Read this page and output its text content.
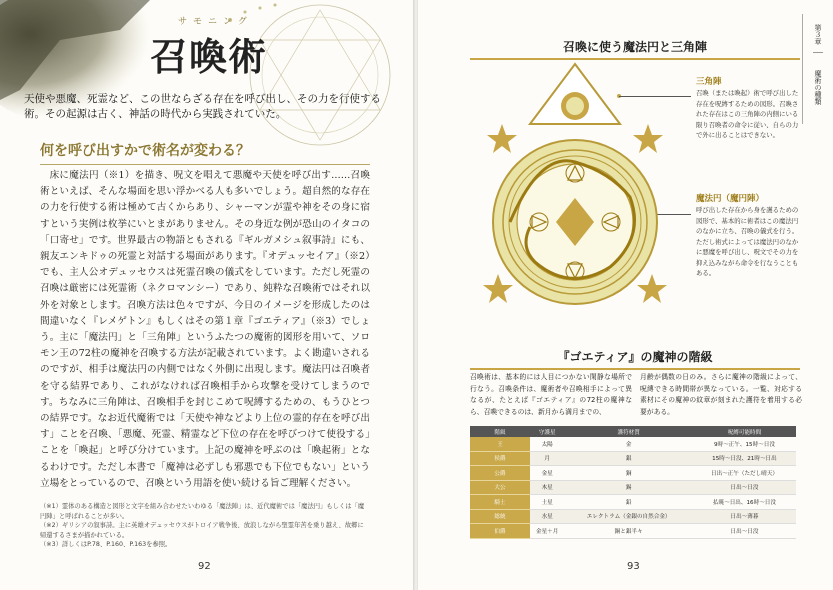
サモニング
召喚術
天使や悪魔、死霊など、この世ならざる存在を呼び出し、その力を行使する術。その起源は古く、神話の時代から実践されていた。
何を呼び出すかで術名が変わる？
床に魔法円（※1）を描き、呪文を唱えて悪魔や天使を呼び出す……召喚術といえば、そんな場面を思い浮かべる人も多いでしょう。超自然的な存在の力を行使する術は極めて古くからあり、シャーマンが霊や神をその身に宿すという実例は枚挙にいとまがありません。その身近な例が恐山のイタコの「口寄せ」です。世界最古の物語ともされる『ギルガメシュ叙事詩』にも、親友エンキドゥの死霊と対話する場面があります。『オデュッセイア』（※2）でも、主人公オデュッセウスは死霊召喚の儀式をしています。ただし死霊の召喚は厳密には死霊術（ネクロマンシー）であり、純粋な召喚術ではそれ以外を対象とします。召喚方法は色々ですが、今日のイメージを形成したのは間違いなく『レメゲトン』もしくはその第１章『ゴエティア』（※3）でしょう。主に「魔法円」と「三角陣」というふたつの魔術的図形を用いて、ソロモン王の72柱の魔神を召喚する方法が記載されています。よく勘違いされるのですが、相手は魔法円の内側ではなく外側に出現します。魔法円は召喚者を守る結界であり、これがなければ召喚相手から攻撃を受けてしまうのです。ちなみに三角陣は、召喚相手を封じこめて呪縛するための、もうひとつの結界です。なお近代魔術では「天使や神などより上位の霊的存在を呼び出す」ことを召喚、「悪魔、死霊、精霊など下位の存在を呼びつけて使役する」ことを「喚起」と呼び分けています。上記の魔神を呼ぶのは「喚起術」となるわけです。ただし本書で「魔神は必ずしも邪悪でも下位でもない」という立場をとっているので、召喚という用語を使い続ける旨ご理解ください。
（※1）霊体のある構造と図形と文字を組み合わせたいわゆる「魔法陣」は、近代魔術では「魔法円」もしくは「魔円陣」と呼ばれることが多い。
（※2）ギリシアの叙事詩。主に英雄オデュッセウスがトロイア戦争後、放浪しながら聖霊年苦を乗り越え、故郷に帰還するさまが描かれている。
（※3）詳しくはP.78、P.160、P.163を参照。
92
第３章
魔術の種類
召喚に使う魔法円と三角陣
『ゴエティア』の魔神の階級
三角陣
召喚（または喚起）術で呼び出した存在を呪縛するための図形。召喚された存在はこの三角陣の内側にいる限り召喚者の命令に従い、自らの力で外に出ることはできない。
魔法円（魔円陣）
呼び出した存在から身を護るための図形で、基本的に術者はこの魔法円のなかに立ち、召喚の儀式を行う。ただし術式によっては魔法円のなかに悪魔を呼び出し、呪文でその力を抑え込みながら命令を行なうこともある。
召喚術は、基本的には人目につかない閑静な場所で行なう。召喚条件は、魔術者や召喚相手によって異なるが、たとえば『ゴエティア』の72柱の魔神なら、召喚できるのは、新月から満月までの、
月齢が偶数の日のみ。さらに魔神の階級によって、呪縛できる時間帯が異なっている。一覧、対応する素材にその魔神の紋章が刻まれた護符を着用する必要がある。
93
階級	守護星	護符材質	呪縛可能時間
王	太陽	金	9時～正午、15時～日没
侯爵	月	銀	15時～日没、21時～日出
公爵	金星	銅	日出～正午（ただし晴天）
大公	木星	錫	日出～日没
騎士	土星	鉛	払暁～日出、16時～日没
総統	水星	エレクトラム（金銀の自然合金）	日出～薄暮
伯爵	金星＋月	銅と銀半々	日出～日没
